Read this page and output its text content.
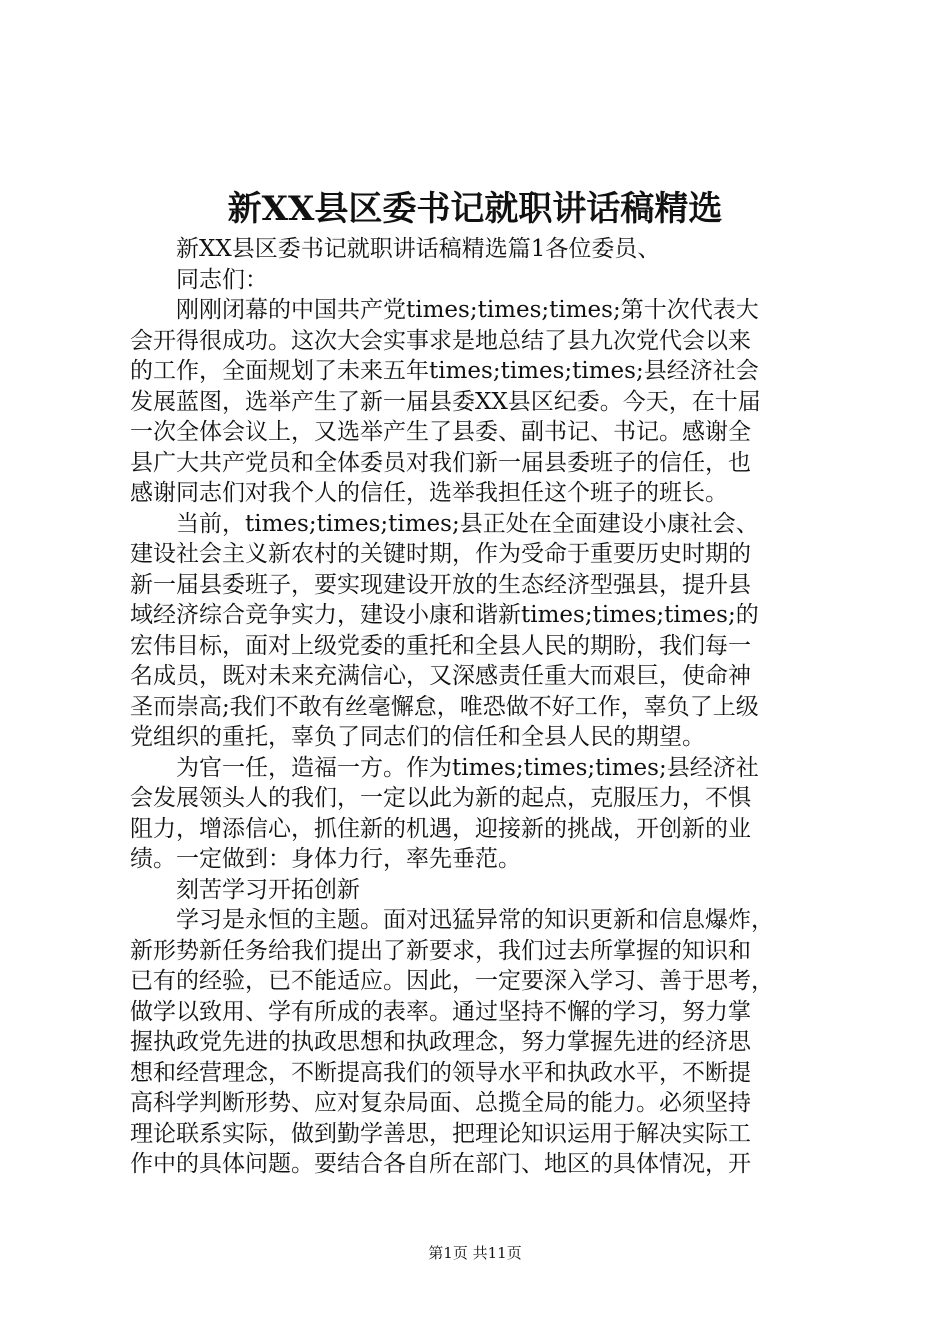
新XX县区委书记就职讲话稿精选
新XX县区委书记就职讲话稿精选篇1各位委员、
同志们：
刚刚闭幕的中国共产党times;times;times;第十次代表大
会开得很成功。这次大会实事求是地总结了县九次党代会以来
的工作，全面规划了未来五年times;times;times;县经济社会
发展蓝图，选举产生了新一届县委XX县区纪委。今天，在十届
一次全体会议上，又选举产生了县委、副书记、书记。感谢全
县广大共产党员和全体委员对我们新一届县委班子的信任，也
感谢同志们对我个人的信任，选举我担任这个班子的班长。
当前，times;times;times;县正处在全面建设小康社会、
建设社会主义新农村的关键时期，作为受命于重要历史时期的
新一届县委班子，要实现建设开放的生态经济型强县，提升县
域经济综合竞争实力，建设小康和谐新times;times;times;的
宏伟目标，面对上级党委的重托和全县人民的期盼，我们每一
名成员，既对未来充满信心，又深感责任重大而艰巨，使命神
圣而崇高;我们不敢有丝毫懈怠，唯恐做不好工作，辜负了上级
党组织的重托，辜负了同志们的信任和全县人民的期望。
为官一任，造福一方。作为times;times;times;县经济社
会发展领头人的我们，一定以此为新的起点，克服压力，不惧
阻力，增添信心，抓住新的机遇，迎接新的挑战，开创新的业
绩。一定做到：身体力行，率先垂范。
刻苦学习开拓创新
学习是永恒的主题。面对迅猛异常的知识更新和信息爆炸，
新形势新任务给我们提出了新要求，我们过去所掌握的知识和
已有的经验，已不能适应。因此，一定要深入学习、善于思考，
做学以致用、学有所成的表率。通过坚持不懈的学习，努力掌
握执政党先进的执政思想和执政理念，努力掌握先进的经济思
想和经营理念，不断提高我们的领导水平和执政水平，不断提
高科学判断形势、应对复杂局面、总揽全局的能力。必须坚持
理论联系实际，做到勤学善思，把理论知识运用于解决实际工
作中的具体问题。要结合各自所在部门、地区的具体情况，开
第1页 共11页
